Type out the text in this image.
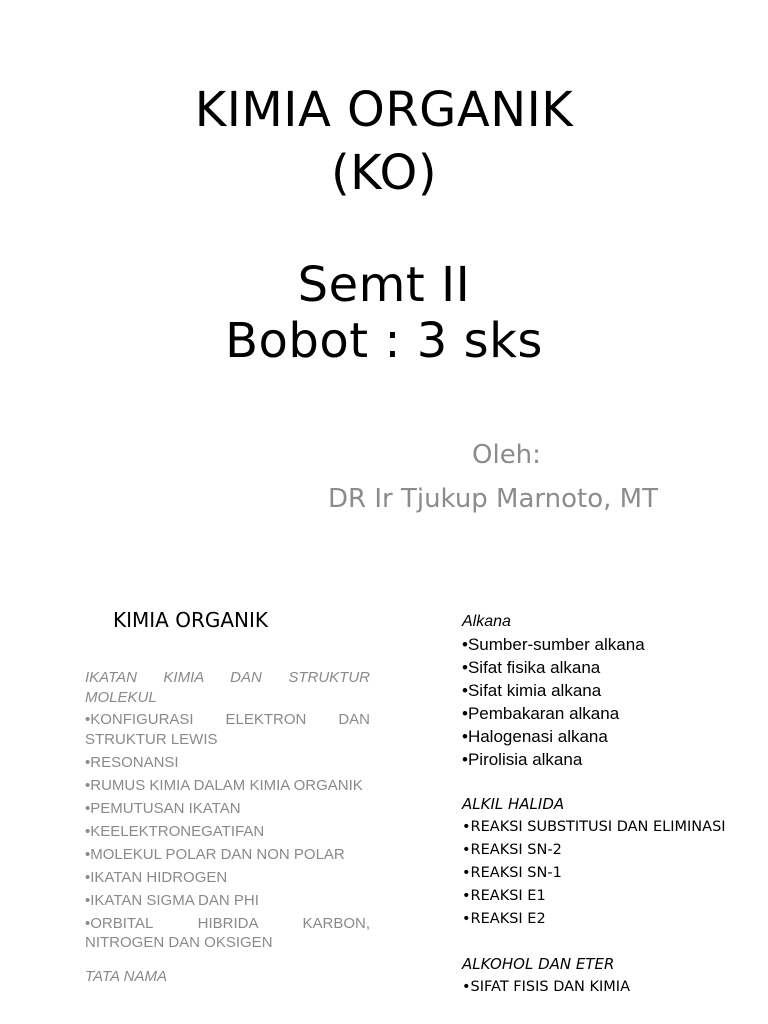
KIMIA ORGANIK
(KO)
Semt II
Bobot : 3 sks
Oleh:
DR Ir Tjukup Marnoto, MT
KIMIA ORGANIK
IKATAN KIMIA DAN STRUKTUR MOLEKUL
•KONFIGURASI ELEKTRON DAN STRUKTUR LEWIS
•RESONANSI
•RUMUS KIMIA DALAM KIMIA ORGANIK
•PEMUTUSAN IKATAN
•KEELEKTRONEGATIFAN
•MOLEKUL POLAR DAN NON POLAR
•IKATAN HIDROGEN
•IKATAN SIGMA DAN PHI
•ORBITAL HIBRIDA KARBON, NITROGEN DAN OKSIGEN
TATA NAMA
Alkana
•Sumber-sumber alkana
•Sifat fisika alkana
•Sifat kimia alkana
•Pembakaran alkana
•Halogenasi alkana
•Pirolisia alkana
ALKIL HALIDA
•REAKSI SUBSTITUSI DAN ELIMINASI
•REAKSI SN-2
•REAKSI SN-1
•REAKSI E1
•REAKSI E2
ALKOHOL DAN ETER
•SIFAT FISIS DAN KIMIA
